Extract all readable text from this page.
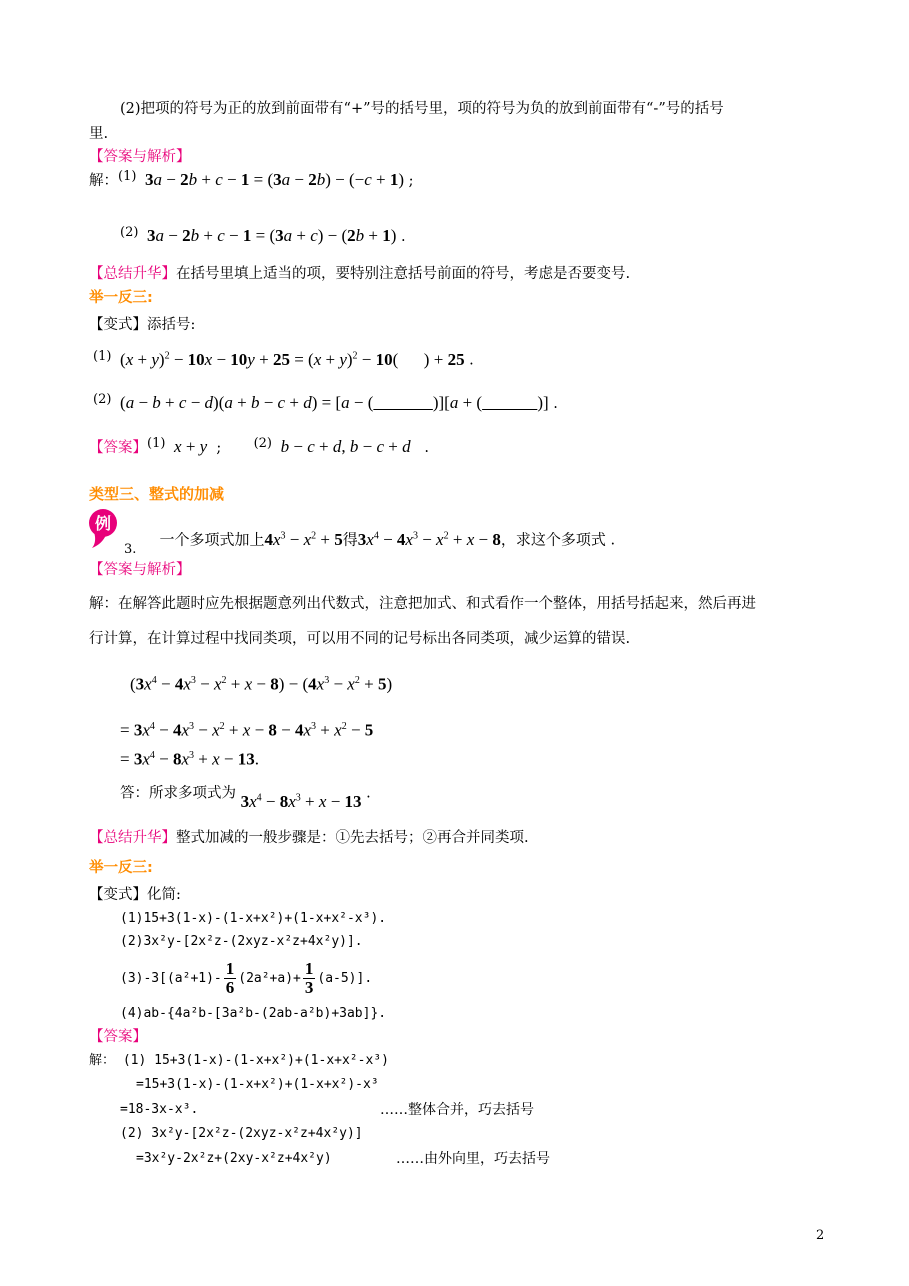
(2)把项的符号为正的放到前面带有“+”号的括号里，项的符号为负的放到前面带有“-”号的括号
里.
【答案与解析】
解：(1) 3a − 2b + c − 1 = (3a − 2b) − (−c + 1) ;
(2) 3a − 2b + c − 1 = (3a + c) − (2b + 1) .
【总结升华】在括号里填上适当的项，要特别注意括号前面的符号，考虑是否要变号.
举一反三:
【变式】添括号:
(1) $(x + y)^2 - 10x - 10y + 25 = (x + y)^2 - 10$(      ) + 25 .
(2) (a − b + c − d)(a + b − c + d) = [a − (	)][a + (	)] .
【答案】(1) x + y  ;       (2) b − c + d, b − c + d   .
类型三、整式的加减
例
3.     一个多项式加上$4x^3 - x^2 + 5$得$3x^4 - 4x^3 - x^2 + x - 8$，求这个多项式 .
【答案与解析】
解：在解答此题时应先根据题意列出代数式，注意把加式、和式看作一个整体，用括号括起来，然后再进
行计算，在计算过程中找同类项，可以用不同的记号标出各同类项，减少运算的错误.
$(3x^4 - 4x^3 - x^2 + x - 8) - (4x^3 - x^2 + 5)$
= $3x^4 - 4x^3 - x^2 + x - 8 - 4x^3 + x^2 - 5$
= $3x^4 - 8x^3 + x - 13$.
答：所求多项式为 $3x^4 - 8x^3 + x - 13$ .
【总结升华】整式加减的一般步骤是：①先去括号；②再合并同类项.
举一反三:
【变式】化简:
(1)15+3(1-x)-(1-x+x²)+(1-x+x²-x³).
(2)3x²y-[2x²z-(2xyz-x²z+4x²y)].
$(3)-3[(a^2+1)- \frac{1}{6} (2a^2+a)+ \frac{1}{3} (a-5)]$.
(4)ab-{4a²b-[3a²b-(2ab-a²b)+3ab]}.
【答案】
解： (1) 15+3(1-x)-(1-x+x²)+(1-x+x²-x³)
=15+3(1-x)-(1-x+x²)+(1-x+x²)-x³
=18-3x-x³.	……整体合并，巧去括号
(2) 3x²y-[2x²z-(2xyz-x²z+4x²y)]
=3x²y-2x²z+(2xy-x²z+4x²y)	……由外向里，巧去括号
2
